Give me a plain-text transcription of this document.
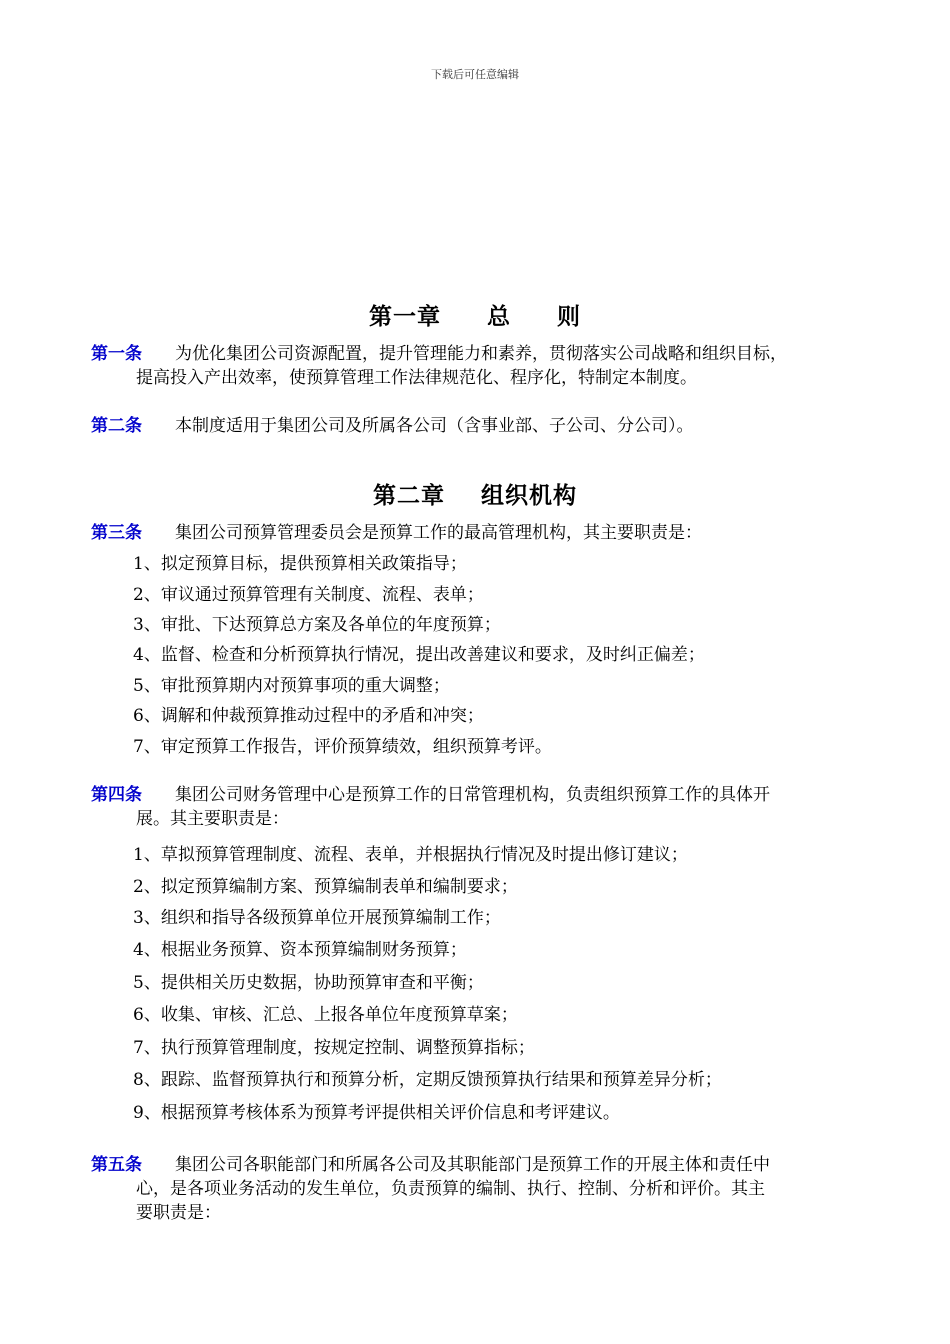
下载后可任意编辑
第一章 总 则
第一条 为优化集团公司资源配置，提升管理能力和素养，贯彻落实公司战略和组织目标，
提高投入产出效率，使预算管理工作法律规范化、程序化，特制定本制度。
第二条 本制度适用于集团公司及所属各公司（含事业部、子公司、分公司）。
第二章 组织机构
第三条 集团公司预算管理委员会是预算工作的最高管理机构，其主要职责是：
1、拟定预算目标，提供预算相关政策指导；
2、审议通过预算管理有关制度、流程、表单；
3、审批、下达预算总方案及各单位的年度预算；
4、监督、检查和分析预算执行情况，提出改善建议和要求，及时纠正偏差；
5、审批预算期内对预算事项的重大调整；
6、调解和仲裁预算推动过程中的矛盾和冲突；
7、审定预算工作报告，评价预算绩效，组织预算考评。
第四条 集团公司财务管理中心是预算工作的日常管理机构，负责组织预算工作的具体开
展。其主要职责是：
1、草拟预算管理制度、流程、表单，并根据执行情况及时提出修订建议；
2、拟定预算编制方案、预算编制表单和编制要求；
3、组织和指导各级预算单位开展预算编制工作；
4、根据业务预算、资本预算编制财务预算；
5、提供相关历史数据，协助预算审查和平衡；
6、收集、审核、汇总、上报各单位年度预算草案；
7、执行预算管理制度，按规定控制、调整预算指标；
8、跟踪、监督预算执行和预算分析，定期反馈预算执行结果和预算差异分析；
9、根据预算考核体系为预算考评提供相关评价信息和考评建议。
第五条 集团公司各职能部门和所属各公司及其职能部门是预算工作的开展主体和责任中
心，是各项业务活动的发生单位，负责预算的编制、执行、控制、分析和评价。其主
要职责是：
